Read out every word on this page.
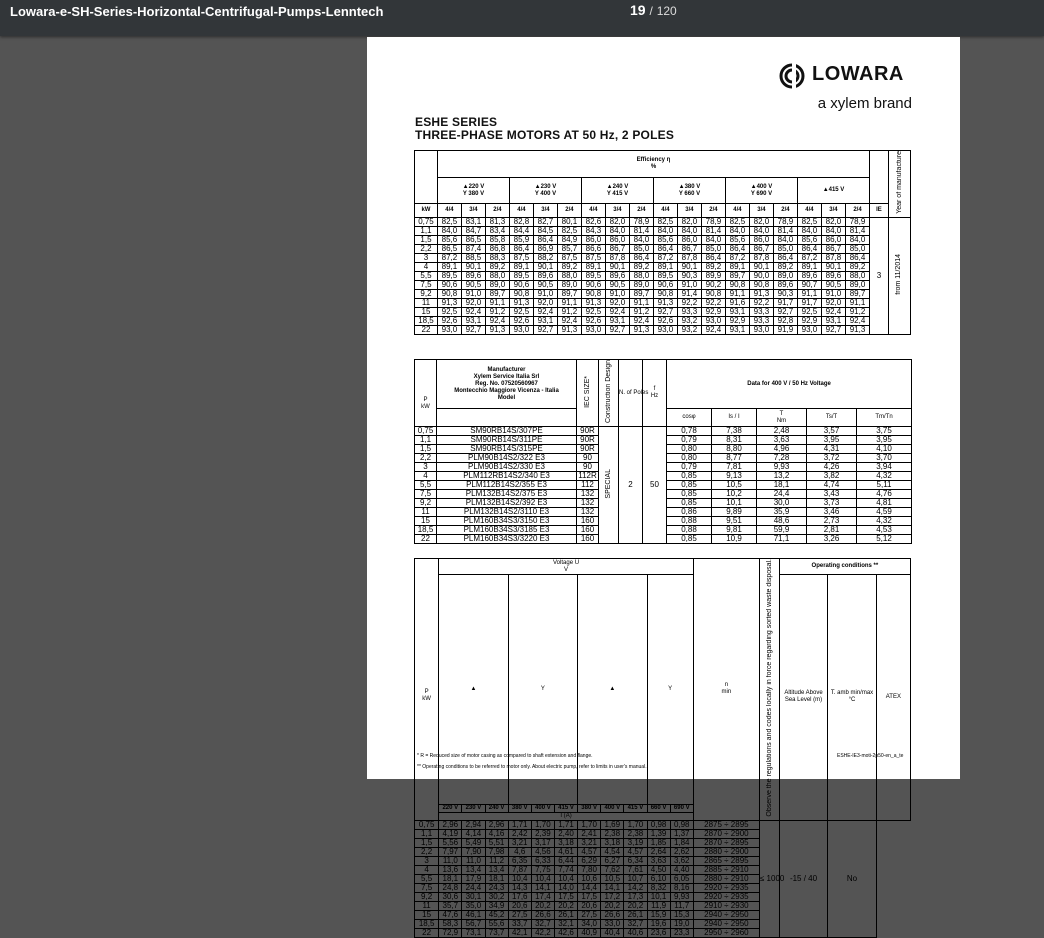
Lowara-e-SH-Series-Horizontal-Centrifugal-Pumps-Lenntech	19 / 120
LOWARA
a xylem brand
ESHE SERIES
THREE-PHASE MOTORS AT 50 Hz, 2 POLES
	Efficiency η
%																			Year of manufacture
	▲220 V
Y 380 V			▲230 V
Y 400 V			▲240 V
Y 415 V			▲380 V
Y 660 V			▲400 V
Y 690 V			▲415 V				

kW	4/4	3/4	2/4	4/4	3/4	2/4	4/4	3/4	2/4	4/4	3/4	2/4	4/4	3/4	2/4	4/4	3/4	2/4	IE	
0,75	82,5	83,1	81,3	82,8	82,7	80,1	82,6	82,0	78,9	82,5	82,0	78,9	82,5	82,0	78,9	82,5	82,0	78,9	3	from 11/2014
1,1	84,0	84,7	83,4	84,4	84,5	82,5	84,3	84,0	81,4	84,0	84,0	81,4	84,0	84,0	81,4	84,0	84,0	81,4		
1,5	85,6	86,5	85,8	85,9	86,4	84,9	86,0	86,0	84,0	85,6	86,0	84,0	85,6	86,0	84,0	85,6	86,0	84,0		
2,2	86,5	87,4	86,8	86,4	86,9	85,7	86,6	86,7	85,0	86,4	86,7	85,0	86,4	86,7	85,0	86,4	86,7	85,0		
3	87,2	88,5	88,3	87,5	88,2	87,5	87,5	87,8	86,4	87,2	87,8	86,4	87,2	87,8	86,4	87,2	87,8	86,4		
4	89,1	90,1	89,2	89,1	90,1	89,2	89,1	90,1	89,2	89,1	90,1	89,2	89,1	90,1	89,2	89,1	90,1	89,2		
5,5	89,5	89,6	88,0	89,5	89,6	88,0	89,5	89,6	88,0	89,5	90,3	89,9	89,7	90,0	89,0	89,6	89,6	88,0		
7,5	90,6	90,5	89,0	90,6	90,5	89,0	90,6	90,5	89,0	90,6	91,0	90,2	90,8	90,8	89,6	90,7	90,5	89,0		
9,2	90,8	91,0	89,7	90,8	91,0	89,7	90,8	91,0	89,7	90,8	91,4	90,8	91,1	91,3	90,3	91,1	91,0	89,7		
11	91,3	92,0	91,1	91,3	92,0	91,1	91,3	92,0	91,1	91,3	92,2	92,2	91,6	92,2	91,7	91,7	92,0	91,1		
15	92,5	92,4	91,2	92,5	92,4	91,2	92,5	92,4	91,2	92,7	93,3	92,9	93,1	93,3	92,7	92,5	92,4	91,2		
18,5	92,6	93,1	92,4	92,6	93,1	92,4	92,6	93,1	92,4	92,6	93,2	93,0	92,9	93,3	92,8	92,9	93,1	92,4		
22	93,0	92,7	91,3	93,0	92,7	91,3	93,0	92,7	91,3	93,0	93,2	92,4	93,1	93,0	91,9	93,0	92,7	91,3		

P
kW	Manufacturer
Xylem Service Italia Srl
Reg. No. 07520560967
Montecchio Maggiore Vicenza - Italia
Model	IEC SIZE*	Construction Design	N. of Poles	f
Hz	Data for 400 V / 50 Hz Voltage				
						cosφ	Is / I	T
Nm	Ts/T	Tm/Tn
0,75	SM90RB14S/307PE	90R	SPECIAL	2	50	0,78	7,38	2,48	3,57	3,75
1,1	SM90RB14S/311PE	90R				0,79	8,31	3,63	3,95	3,95
1,5	SM90RB14S/315PE	90R				0,80	8,80	4,96	4,31	4,10
2,2	PLM90B14S2/322 E3	90				0,80	8,77	7,28	3,72	3,70
3	PLM90B14S2/330 E3	90				0,79	7,81	9,93	4,26	3,94
4	PLM112RB14S2/340 E3	112R				0,85	9,13	13,2	3,82	4,32
5,5	PLM112B14S2/355 E3	112				0,85	10,5	18,1	4,74	5,11
7,5	PLM132B14S2/375 E3	132				0,85	10,2	24,4	3,43	4,76
9,2	PLM132B14S2/392 E3	132				0,85	10,1	30,0	3,73	4,81
11	PLM132B14S2/3110 E3	132				0,86	9,89	35,9	3,46	4,59
15	PLM160B34S3/3150 E3	160				0,88	9,51	48,6	2,73	4,32
18,5	PLM160B34S3/3185 E3	160				0,88	9,81	59,9	2,81	4,53
22	PLM160B34S3/3220 E3	160				0,85	10,9	71,1	3,26	5,12

P
kW	Voltage U
V											n
min	Observe the regulations and codes locally in force regarding sorted waste disposal.	Operating conditions **		
	▲			Y			▲			Y				Altitude Above Sea Level (m)	T. amb min/max °C	ATEX
	220 V	230 V	240 V	380 V	400 V	415 V	380 V	400 V	415 V	660 V	690 V					
	I (A)															
0,75	2,96	2,94	2,96	1,71	1,70	1,71	1,70	1,69	1,70	0,98	0,98	2875 ÷ 2895	≤ 1000	-15 / 40	No	
1,1	4,19	4,14	4,16	2,42	2,39	2,40	2,41	2,38	2,38	1,39	1,37	2870 ÷ 2900				
1,5	5,56	5,49	5,51	3,21	3,17	3,18	3,21	3,18	3,19	1,85	1,84	2870 ÷ 2895				
2,2	7,97	7,90	7,98	4,6	4,56	4,61	4,57	4,54	4,57	2,64	2,62	2880 ÷ 2900				
3	11,0	11,0	11,2	6,35	6,33	6,44	6,29	6,27	6,34	3,63	3,62	2865 ÷ 2895				
4	13,6	13,4	13,4	7,87	7,75	7,74	7,80	7,62	7,61	4,50	4,40	2885 ÷ 2910				
5,5	18,1	17,9	18,1	10,4	10,4	10,4	10,6	10,5	10,7	6,10	6,05	2880 ÷ 2910				
7,5	24,8	24,4	24,3	14,3	14,1	14,0	14,4	14,1	14,2	8,32	8,16	2920 ÷ 2935				
9,2	30,6	30,1	30,2	17,6	17,4	17,5	17,5	17,2	17,3	10,1	9,93	2920 ÷ 2935				
11	35,7	35,0	34,9	20,6	20,2	20,2	20,6	20,2	20,2	11,9	11,7	2910 ÷ 2930				
15	47,6	46,1	45,2	27,5	26,6	26,1	27,5	26,6	26,1	15,9	15,3	2940 ÷ 2950				
18,5	58,3	56,7	55,6	33,7	32,7	32,1	34,0	33,0	32,7	19,6	19,0	2940 ÷ 2950				
22	72,9	73,1	73,7	42,1	42,2	42,6	40,9	40,4	40,6	23,6	23,3	2950 ÷ 2960				
* R = Reduced size of motor casing as compared to shaft extension and flange.
** Operating conditions to be referred to motor only. About electric pump, refer to limits in user's manual.
ESHE-IE3-moti-2p50-en_a_te
